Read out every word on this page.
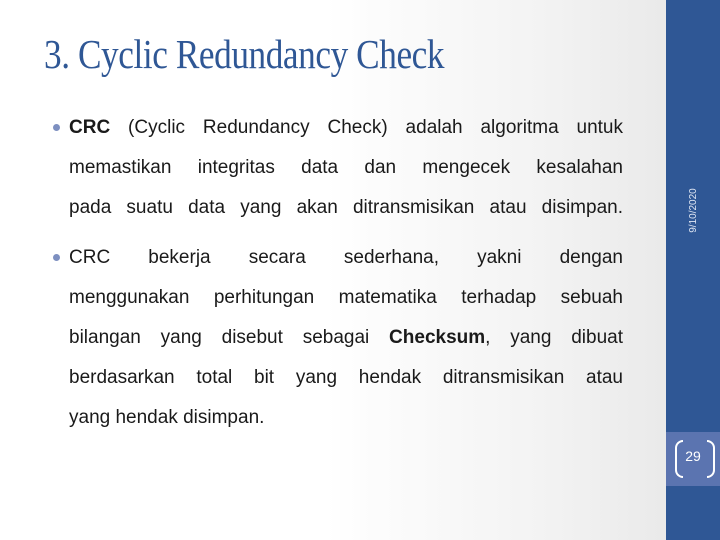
3. Cyclic Redundancy Check
CRC (Cyclic Redundancy Check) adalah algoritma untuk
memastikan integritas data dan mengecek kesalahan
pada suatu data yang akan ditransmisikan atau disimpan.
CRC bekerja secara sederhana, yakni dengan
menggunakan perhitungan matematika terhadap sebuah
bilangan yang disebut sebagai Checksum, yang dibuat
berdasarkan total bit yang hendak ditransmisikan atau
yang hendak disimpan.
9/10/2020
29
